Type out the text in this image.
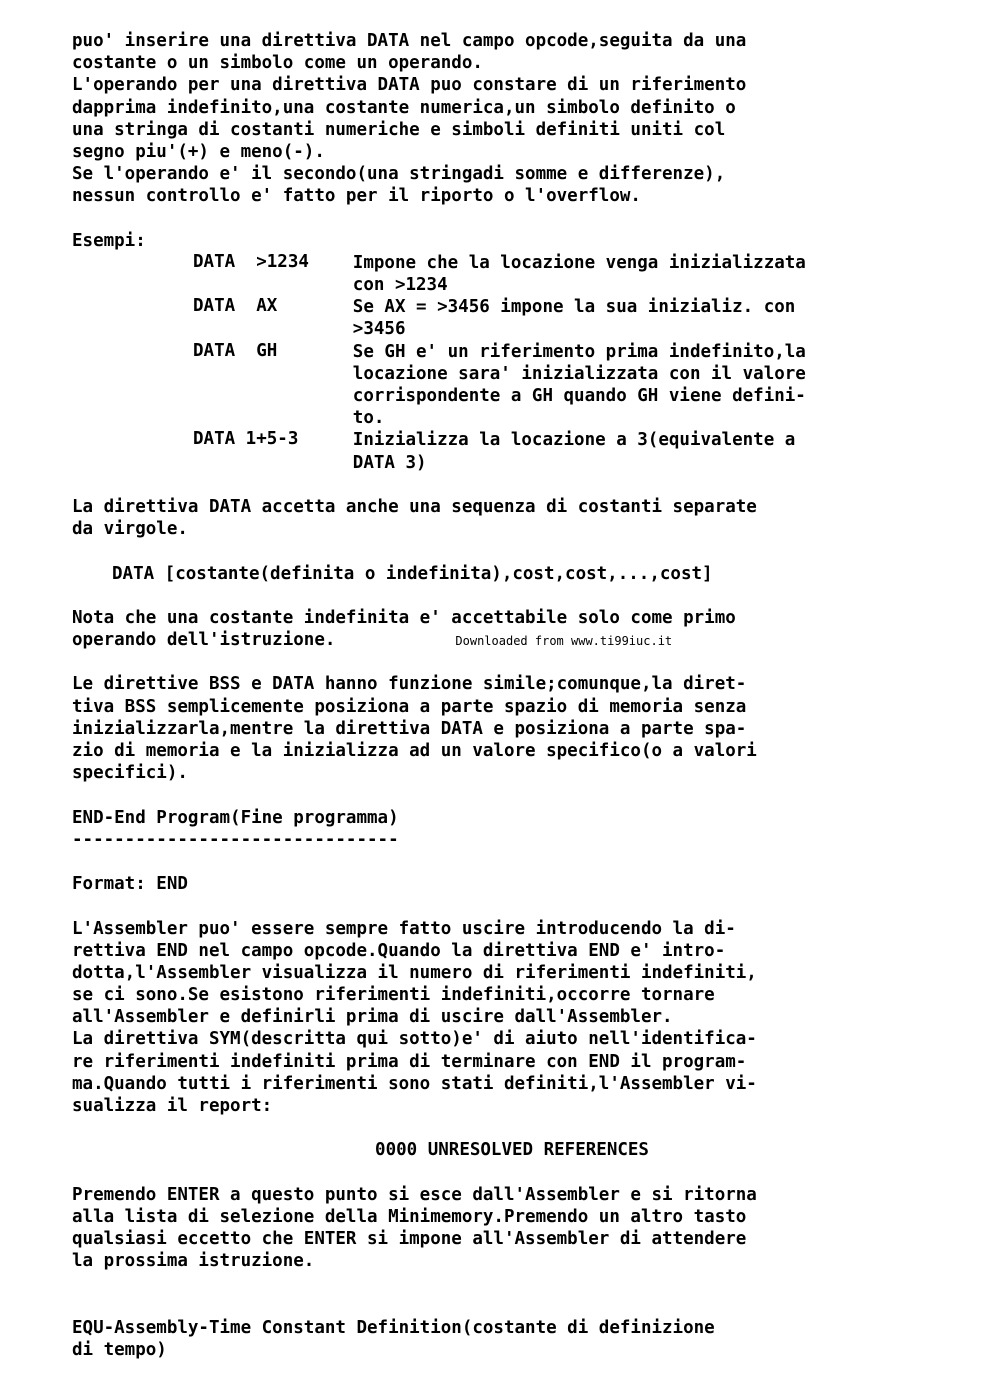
puo' inserire una direttiva DATA nel campo opcode,seguita da una
costante o un simbolo come un operando.
L'operando per una direttiva DATA puo constare di un riferimento
dapprima indefinito,una costante numerica,un simbolo definito o
una stringa di costanti numeriche e simboli definiti uniti col
segno piu'(+) e meno(-).
Se l'operando e' il secondo(una stringadi somme e differenze),
nessun controllo e' fatto per il riporto o l'overflow.
Esempi:
DATA  >1234	Impone che la locazione venga inizializzata
con >1234
DATA  AX	Se AX = >3456 impone la sua inizializ. con
>3456
DATA  GH	Se GH e' un riferimento prima indefinito,la
locazione sara' inizializzata con il valore
corrispondente a GH quando GH viene defini-
to.
DATA 1+5-3	Inizializza la locazione a 3(equivalente a
DATA 3)
La direttiva DATA accetta anche una sequenza di costanti separate
da virgole.
DATA [costante(definita o indefinita),cost,cost,...,cost]
Nota che una costante indefinita e' accettabile solo come primo
operando dell'istruzione.	Downloaded from www.ti99iuc.it
Le direttive BSS e DATA hanno funzione simile;comunque,la diret-
tiva BSS semplicemente posiziona a parte spazio di memoria senza
inizializzarla,mentre la direttiva DATA e posiziona a parte spa-
zio di memoria e la inizializza ad un valore specifico(o a valori
specifici).
END-End Program(Fine programma)
-------------------------------
Format: END
L'Assembler puo' essere sempre fatto uscire introducendo la di-
rettiva END nel campo opcode.Quando la direttiva END e' intro-
dotta,l'Assembler visualizza il numero di riferimenti indefiniti,
se ci sono.Se esistono riferimenti indefiniti,occorre tornare
all'Assembler e definirli prima di uscire dall'Assembler.
La direttiva SYM(descritta qui sotto)e' di aiuto nell'identifica-
re riferimenti indefiniti prima di terminare con END il program-
ma.Quando tutti i riferimenti sono stati definiti,l'Assembler vi-
sualizza il report:
0000 UNRESOLVED REFERENCES
Premendo ENTER a questo punto si esce dall'Assembler e si ritorna
alla lista di selezione della Minimemory.Premendo un altro tasto
qualsiasi eccetto che ENTER si impone all'Assembler di attendere
la prossima istruzione.
EQU-Assembly-Time Constant Definition(costante di definizione
di tempo)
